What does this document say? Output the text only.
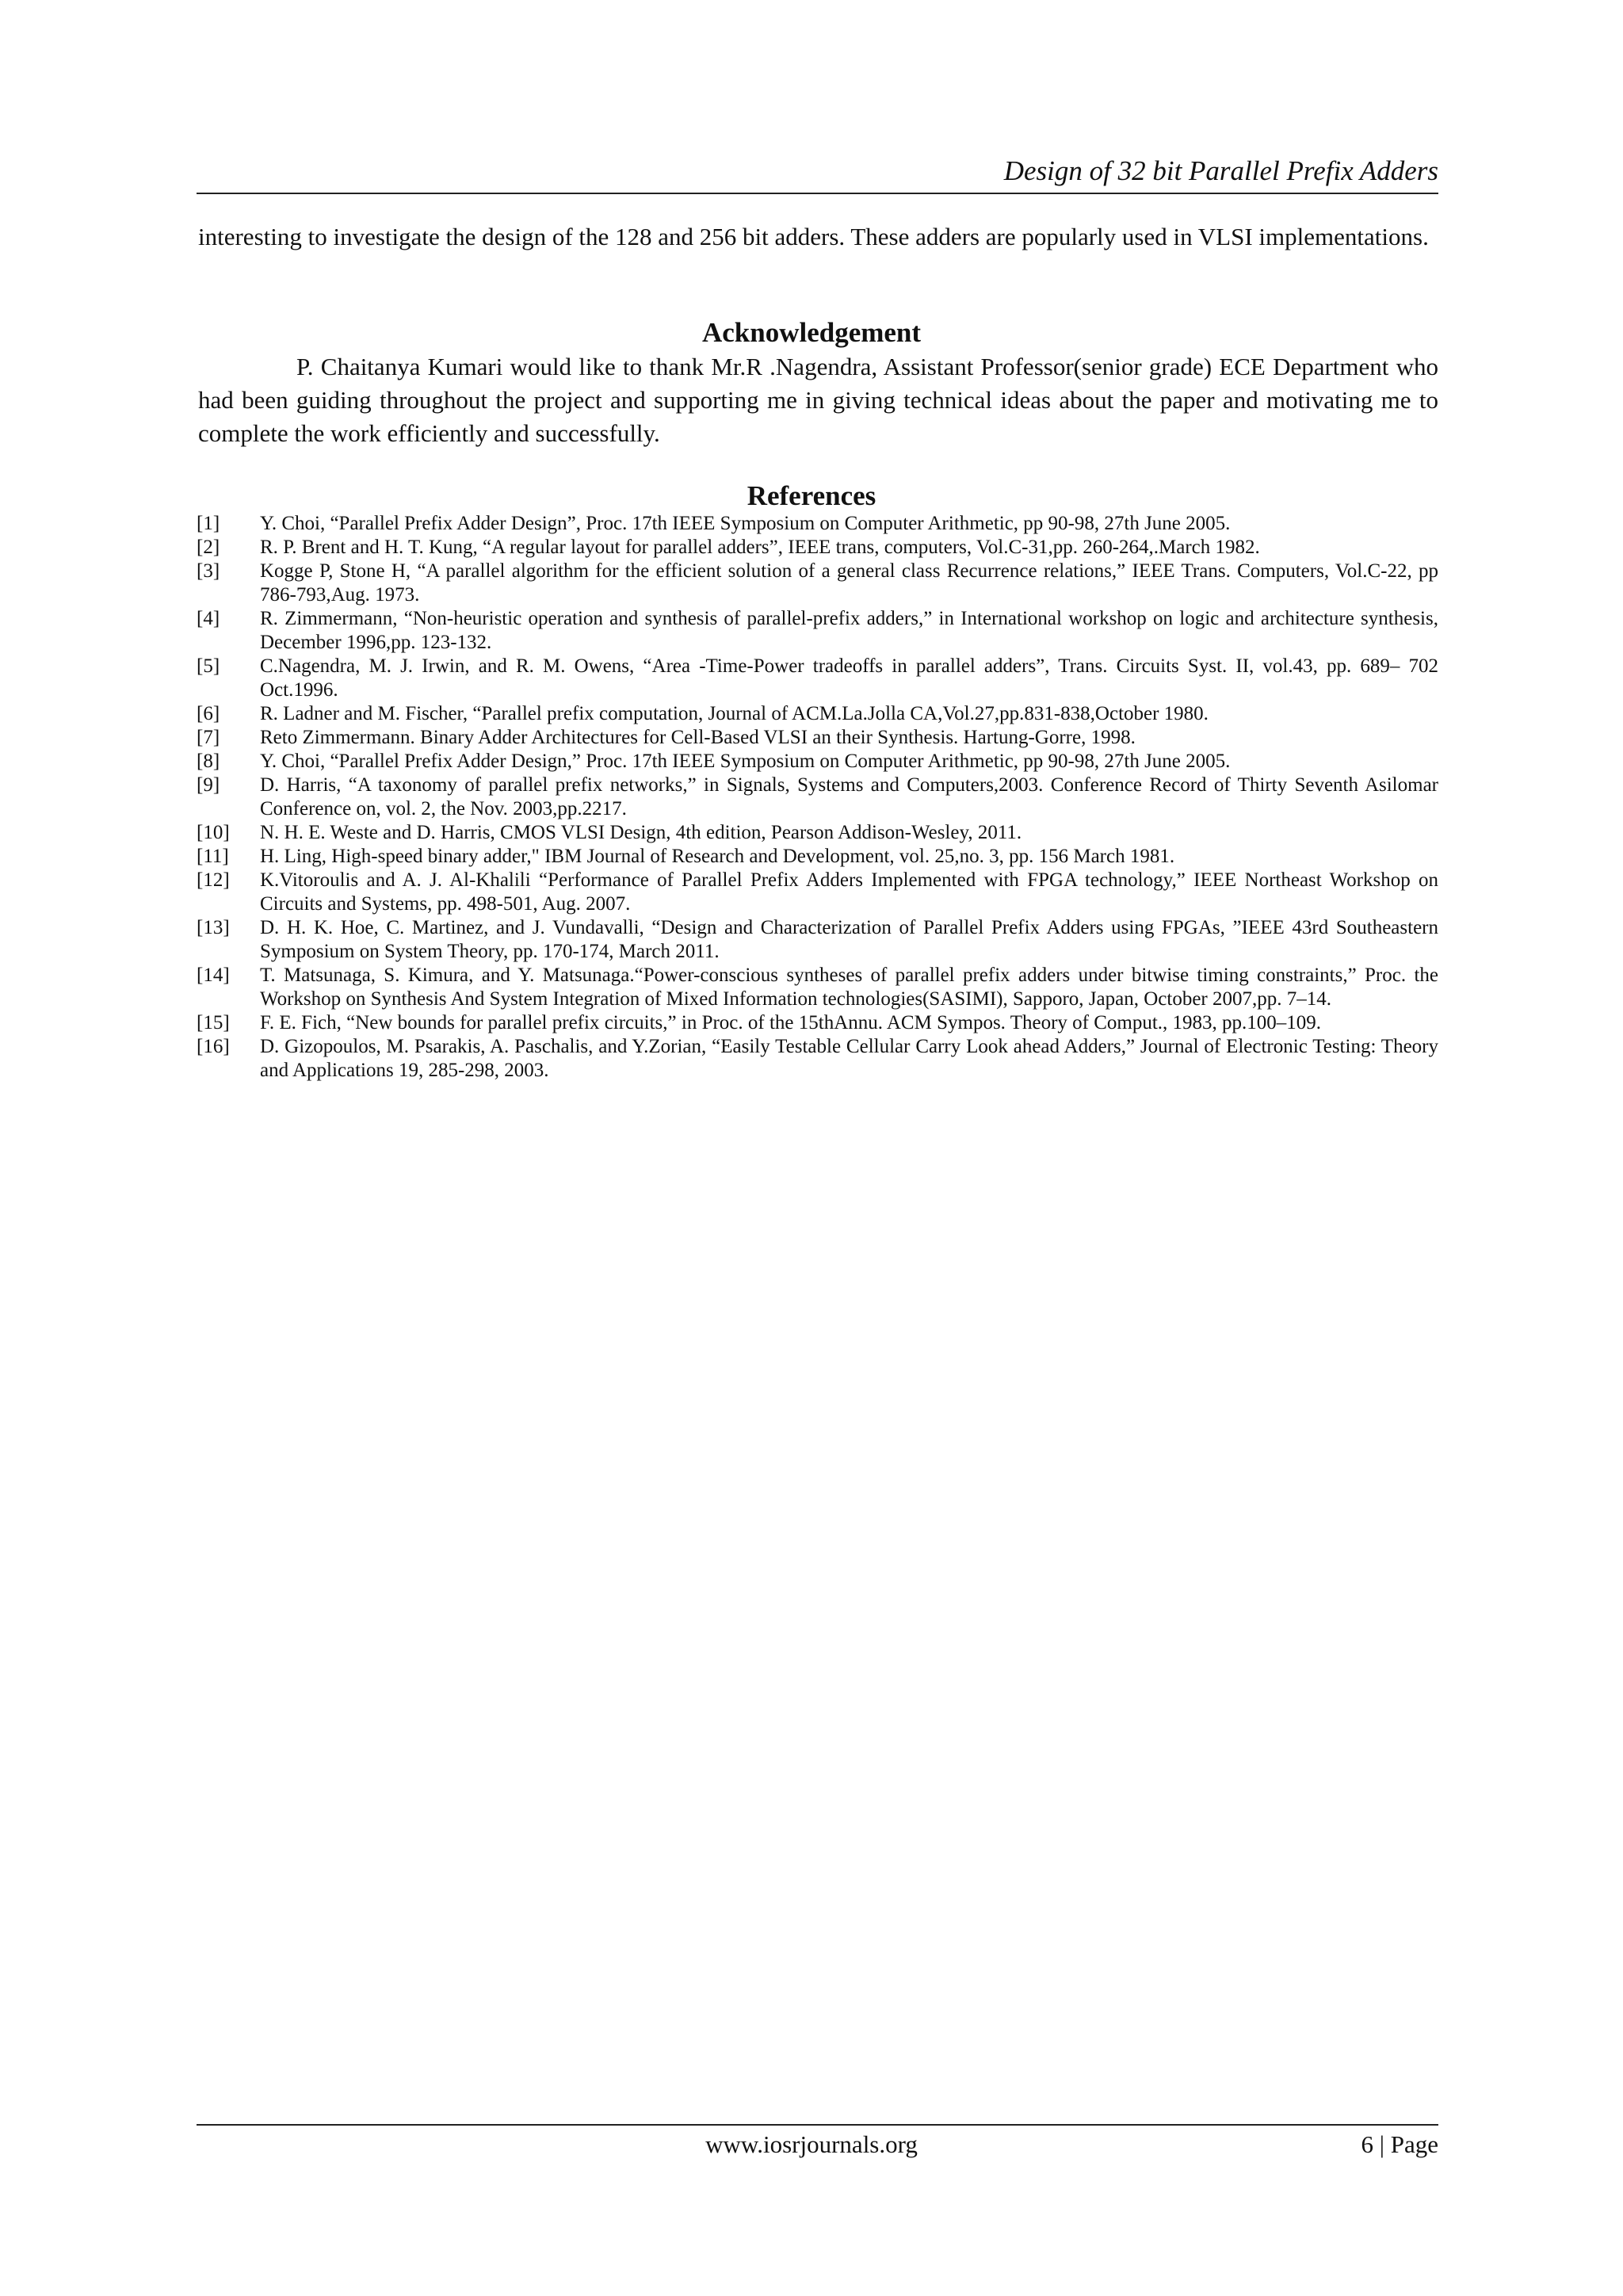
Design of 32 bit Parallel Prefix Adders
interesting to investigate the design of the 128 and 256 bit adders. These adders are popularly used in VLSI implementations.
Acknowledgement
P. Chaitanya Kumari would like to thank Mr.R .Nagendra, Assistant Professor(senior grade) ECE Department who had been guiding throughout the project and supporting me in giving technical ideas about the paper and motivating me to complete the work efficiently and successfully.
References
[1]	Y. Choi, “Parallel Prefix Adder Design”, Proc. 17th IEEE Symposium on Computer Arithmetic, pp 90-98, 27th June 2005.
[2]	R. P. Brent and H. T. Kung, “A regular layout for parallel adders”, IEEE trans, computers, Vol.C-31,pp. 260-264,.March 1982.
[3]	Kogge P, Stone H, “A parallel algorithm for the efficient solution of a general class Recurrence relations,” IEEE Trans. Computers, Vol.C-22, pp 786-793,Aug. 1973.
[4]	R. Zimmermann, “Non-heuristic operation and synthesis of parallel-prefix adders,” in International workshop on logic and architecture synthesis, December 1996,pp. 123-132.
[5]	C.Nagendra, M. J. Irwin, and R. M. Owens, “Area -Time-Power tradeoffs in parallel adders”, Trans. Circuits Syst. II, vol.43, pp. 689– 702 Oct.1996.
[6]	R. Ladner and M. Fischer, “Parallel prefix computation, Journal of ACM.La.Jolla CA,Vol.27,pp.831-838,October 1980.
[7]	Reto Zimmermann. Binary Adder Architectures for Cell-Based VLSI an their Synthesis. Hartung-Gorre, 1998.
[8]	Y. Choi, “Parallel Prefix Adder Design,” Proc. 17th IEEE Symposium on Computer Arithmetic, pp 90-98, 27th June 2005.
[9]	D. Harris, “A taxonomy of parallel prefix networks,” in Signals, Systems and Computers,2003. Conference Record of Thirty Seventh Asilomar Conference on, vol. 2, the Nov. 2003,pp.2217.
[10]	N. H. E. Weste and D. Harris, CMOS VLSI Design, 4th edition, Pearson Addison-Wesley, 2011.
[11]	H. Ling, High-speed binary adder," IBM Journal of Research and Development, vol. 25,no. 3, pp. 156 March 1981.
[12]	K.Vitoroulis and A. J. Al-Khalili “Performance of Parallel Prefix Adders Implemented with FPGA technology,” IEEE Northeast Workshop on Circuits and Systems, pp. 498-501, Aug. 2007.
[13]	D. H. K. Hoe, C. Martinez, and J. Vundavalli, “Design and Characterization of Parallel Prefix Adders using FPGAs, ”IEEE 43rd Southeastern Symposium on System Theory, pp. 170-174, March 2011.
[14]	T. Matsunaga, S. Kimura, and Y. Matsunaga.“Power-conscious syntheses of parallel prefix adders under bitwise timing constraints,” Proc. the Workshop on Synthesis And System Integration of Mixed Information technologies(SASIMI), Sapporo, Japan, October 2007,pp. 7–14.
[15]	F. E. Fich, “New bounds for parallel prefix circuits,” in Proc. of the 15thAnnu. ACM Sympos. Theory of Comput., 1983, pp.100–109.
[16]	D. Gizopoulos, M. Psarakis, A. Paschalis, and Y.Zorian, “Easily Testable Cellular Carry Look ahead Adders,” Journal of Electronic Testing: Theory and Applications 19, 285-298, 2003.
www.iosrjournals.org	6 | Page
